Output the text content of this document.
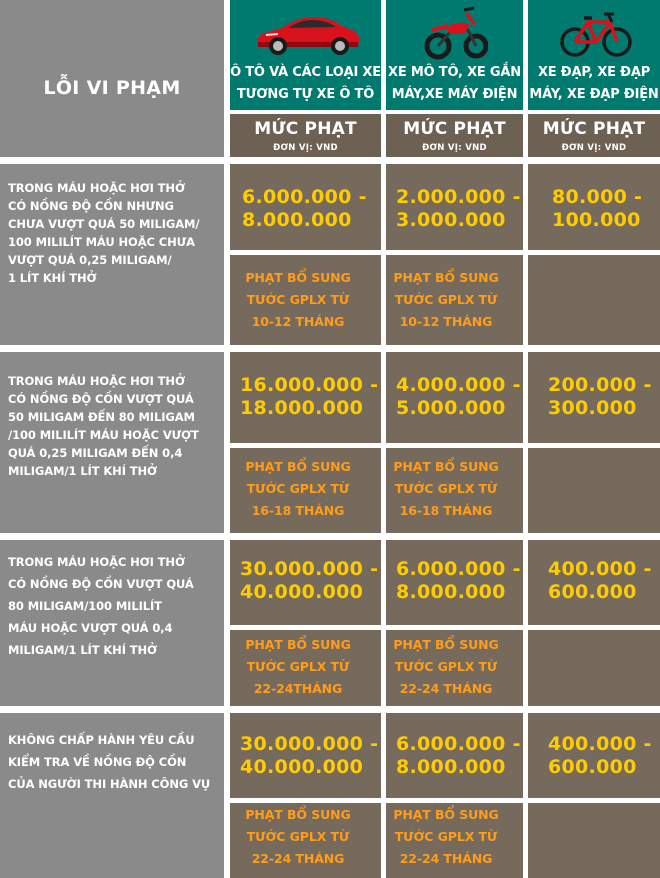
LỖI VI PHẠM
Ô TÔ VÀ CÁC LOẠI XE
TƯƠNG TỰ XE Ô TÔ
XE MÔ TÔ, XE GẮN
MÁY,XE MÁY ĐIỆN
XE ĐẠP, XE ĐẠP
MÁY, XE ĐẠP ĐIỆN
MỨC PHẠT
ĐƠN VỊ: VND
MỨC PHẠT
ĐƠN VỊ: VND
MỨC PHẠT
ĐƠN VỊ: VND
TRONG MÁU HOẶC HƠI THỞ
CÓ NỒNG ĐỘ CỒN NHƯNG
CHƯA VƯỢT QUÁ 50 MILIGAM/
100 MILILÍT MÁU HOẶC CHƯA
VƯỢT QUÁ 0,25 MILIGAM/
1 LÍT KHÍ THỞ
6.000.000 -
8.000.000
2.000.000 -
3.000.000
80.000 -
100.000
PHẠT BỔ SUNG
TƯỚC GPLX TỪ
10-12 THÁNG
PHẠT BỔ SUNG
TƯỚC GPLX TỪ
10-12 THÁNG
TRONG MÁU HOẶC HƠI THỞ
CÓ NỒNG ĐỘ CỒN VƯỢT QUÁ
50 MILIGAM ĐẾN 80 MILIGAM
/100 MILILÍT MÁU HOẶC VƯỢT
QUÁ 0,25 MILIGAM ĐẾN 0,4
MILIGAM/1 LÍT KHÍ THỞ
16.000.000 -
18.000.000
4.000.000 -
5.000.000
200.000 -
300.000
PHẠT BỔ SUNG
TƯỚC GPLX TỪ
16-18 THÁNG
PHẠT BỔ SUNG
TƯỚC GPLX TỪ
16-18 THÁNG
TRONG MÁU HOẶC HƠI THỞ
CÓ NỒNG ĐỘ CỒN VƯỢT QUÁ
80 MILIGAM/100 MILILÍT
MÁU HOẶC VƯỢT QUÁ 0,4
MILIGAM/1 LÍT KHÍ THỞ
30.000.000 -
40.000.000
6.000.000 -
8.000.000
400.000 -
600.000
PHẠT BỔ SUNG
TƯỚC GPLX TỪ
22-24THÁNG
PHẠT BỔ SUNG
TƯỚC GPLX TỪ
22-24 THÁNG
KHÔNG CHẤP HÀNH YÊU CẦU
KIỂM TRA VỀ NỒNG ĐỘ CỒN
CỦA NGƯỜI THI HÀNH CÔNG VỤ
30.000.000 -
40.000.000
6.000.000 -
8.000.000
400.000 -
600.000
PHẠT BỔ SUNG
TƯỚC GPLX TỪ
22-24 THÁNG
PHẠT BỔ SUNG
TƯỚC GPLX TỪ
22-24 THÁNG
